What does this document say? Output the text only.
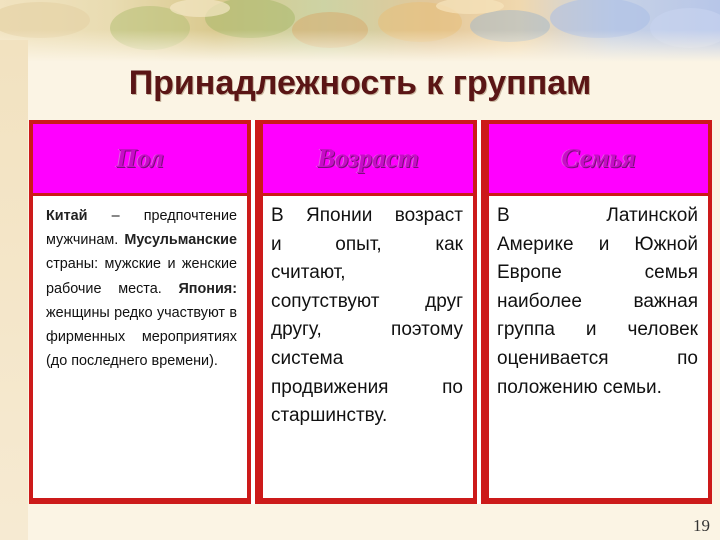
Принадлежность к группам
Пол	Возраст	Семья
Китай – предпочтение мужчинам. Мусульманские страны: мужские и женские рабочие места. Япония: женщины редко участвуют в фирменных мероприятиях (до последнего времени).
В Японии возраст
и опыт, как
считают,
сопутствуют друг
другу, поэтому
система
продвижения по
старшинству.
В Латинской
Америке и Южной
Европе семья
наиболее важная
группа и человек
оценивается по
положению семьи.
19
